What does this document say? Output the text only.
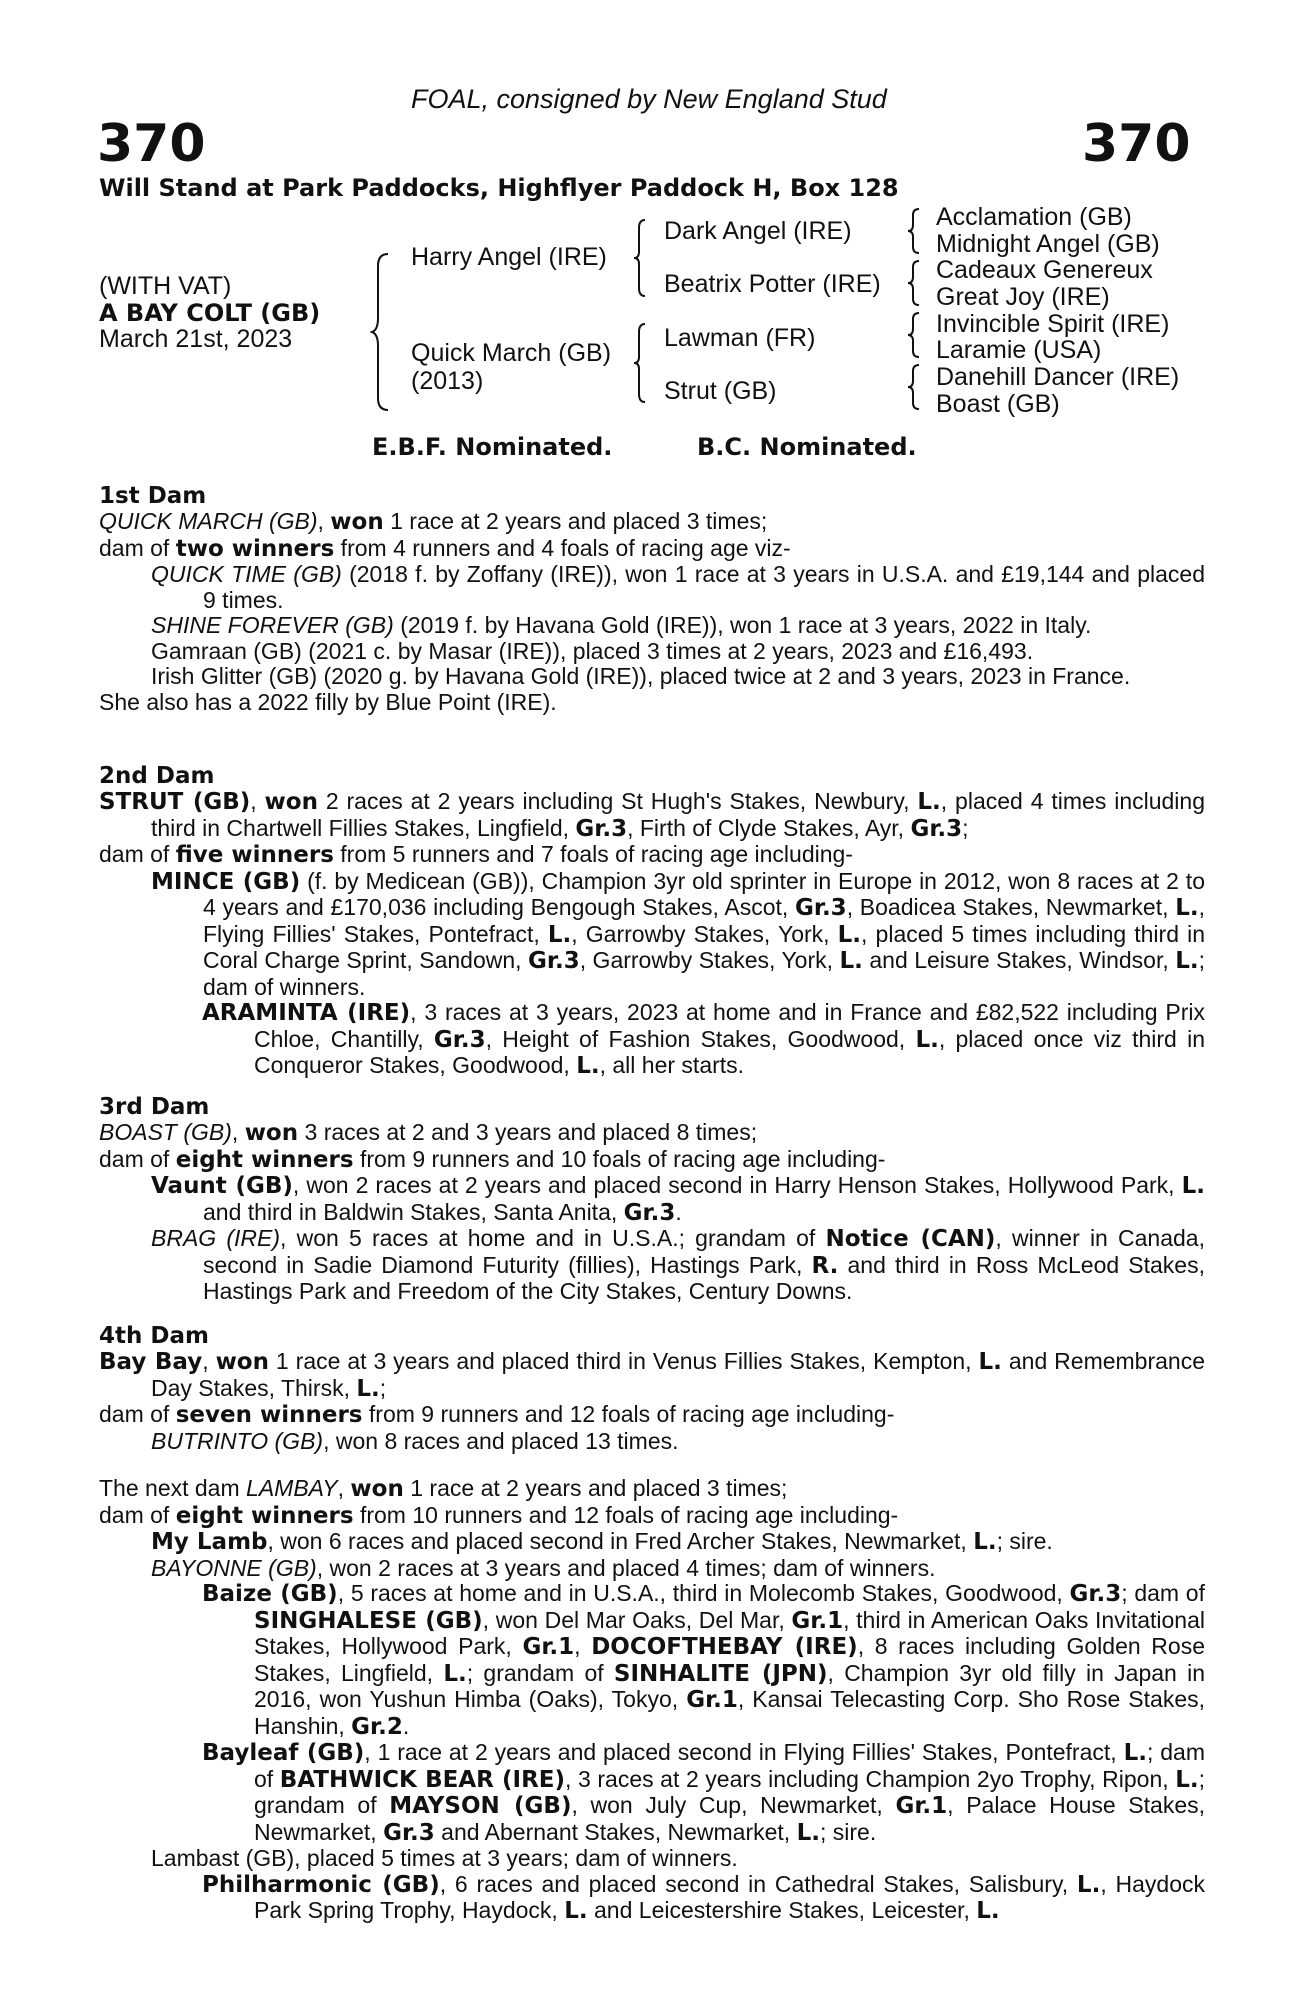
FOAL, consigned by New England Stud
370	370
Will Stand at Park Paddocks, Highflyer Paddock H, Box 128
(WITH VAT)
A BAY COLT (GB)
March 21st, 2023
Harry Angel (IRE)
Quick March (GB)
(2013)
Dark Angel (IRE)
Beatrix Potter (IRE)
Lawman (FR)
Strut (GB)
Acclamation (GB)
Midnight Angel (GB)
Cadeaux Genereux
Great Joy (IRE)
Invincible Spirit (IRE)
Laramie (USA)
Danehill Dancer (IRE)
Boast (GB)
E.B.F. Nominated.	B.C. Nominated.
1st Dam
QUICK MARCH (GB), won 1 race at 2 years and placed 3 times;
dam of two winners from 4 runners and 4 foals of racing age viz-
QUICK TIME (GB) (2018 f. by Zoffany (IRE)), won 1 race at 3 years in U.S.A. and £19,144 and placed 9 times.
SHINE FOREVER (GB) (2019 f. by Havana Gold (IRE)), won 1 race at 3 years, 2022 in Italy.
Gamraan (GB) (2021 c. by Masar (IRE)), placed 3 times at 2 years, 2023 and £16,493.
Irish Glitter (GB) (2020 g. by Havana Gold (IRE)), placed twice at 2 and 3 years, 2023 in France.
She also has a 2022 filly by Blue Point (IRE).
2nd Dam
STRUT (GB), won 2 races at 2 years including St Hugh's Stakes, Newbury, L., placed 4 times including third in Chartwell Fillies Stakes, Lingfield, Gr.3, Firth of Clyde Stakes, Ayr, Gr.3;
dam of five winners from 5 runners and 7 foals of racing age including-
MINCE (GB) (f. by Medicean (GB)), Champion 3yr old sprinter in Europe in 2012, won 8 races at 2 to 4 years and £170,036 including Bengough Stakes, Ascot, Gr.3, Boadicea Stakes, Newmarket, L., Flying Fillies' Stakes, Pontefract, L., Garrowby Stakes, York, L., placed 5 times including third in Coral Charge Sprint, Sandown, Gr.3, Garrowby Stakes, York, L. and Leisure Stakes, Windsor, L.; dam of winners.
ARAMINTA (IRE), 3 races at 3 years, 2023 at home and in France and £82,522 including Prix Chloe, Chantilly, Gr.3, Height of Fashion Stakes, Goodwood, L., placed once viz third in Conqueror Stakes, Goodwood, L., all her starts.
3rd Dam
BOAST (GB), won 3 races at 2 and 3 years and placed 8 times;
dam of eight winners from 9 runners and 10 foals of racing age including-
Vaunt (GB), won 2 races at 2 years and placed second in Harry Henson Stakes, Hollywood Park, L. and third in Baldwin Stakes, Santa Anita, Gr.3.
BRAG (IRE), won 5 races at home and in U.S.A.; grandam of Notice (CAN), winner in Canada, second in Sadie Diamond Futurity (fillies), Hastings Park, R. and third in Ross McLeod Stakes, Hastings Park and Freedom of the City Stakes, Century Downs.
4th Dam
Bay Bay, won 1 race at 3 years and placed third in Venus Fillies Stakes, Kempton, L. and Remembrance Day Stakes, Thirsk, L.;
dam of seven winners from 9 runners and 12 foals of racing age including-
BUTRINTO (GB), won 8 races and placed 13 times.
The next dam LAMBAY, won 1 race at 2 years and placed 3 times;
dam of eight winners from 10 runners and 12 foals of racing age including-
My Lamb, won 6 races and placed second in Fred Archer Stakes, Newmarket, L.; sire.
BAYONNE (GB), won 2 races at 3 years and placed 4 times; dam of winners.
Baize (GB), 5 races at home and in U.S.A., third in Molecomb Stakes, Goodwood, Gr.3; dam of SINGHALESE (GB), won Del Mar Oaks, Del Mar, Gr.1, third in American Oaks Invitational Stakes, Hollywood Park, Gr.1, DOCOFTHEBAY (IRE), 8 races including Golden Rose Stakes, Lingfield, L.; grandam of SINHALITE (JPN), Champion 3yr old filly in Japan in 2016, won Yushun Himba (Oaks), Tokyo, Gr.1, Kansai Telecasting Corp. Sho Rose Stakes, Hanshin, Gr.2.
Bayleaf (GB), 1 race at 2 years and placed second in Flying Fillies' Stakes, Pontefract, L.; dam of BATHWICK BEAR (IRE), 3 races at 2 years including Champion 2yo Trophy, Ripon, L.; grandam of MAYSON (GB), won July Cup, Newmarket, Gr.1, Palace House Stakes, Newmarket, Gr.3 and Abernant Stakes, Newmarket, L.; sire.
Lambast (GB), placed 5 times at 3 years; dam of winners.
Philharmonic (GB), 6 races and placed second in Cathedral Stakes, Salisbury, L., Haydock Park Spring Trophy, Haydock, L. and Leicestershire Stakes, Leicester, L.
